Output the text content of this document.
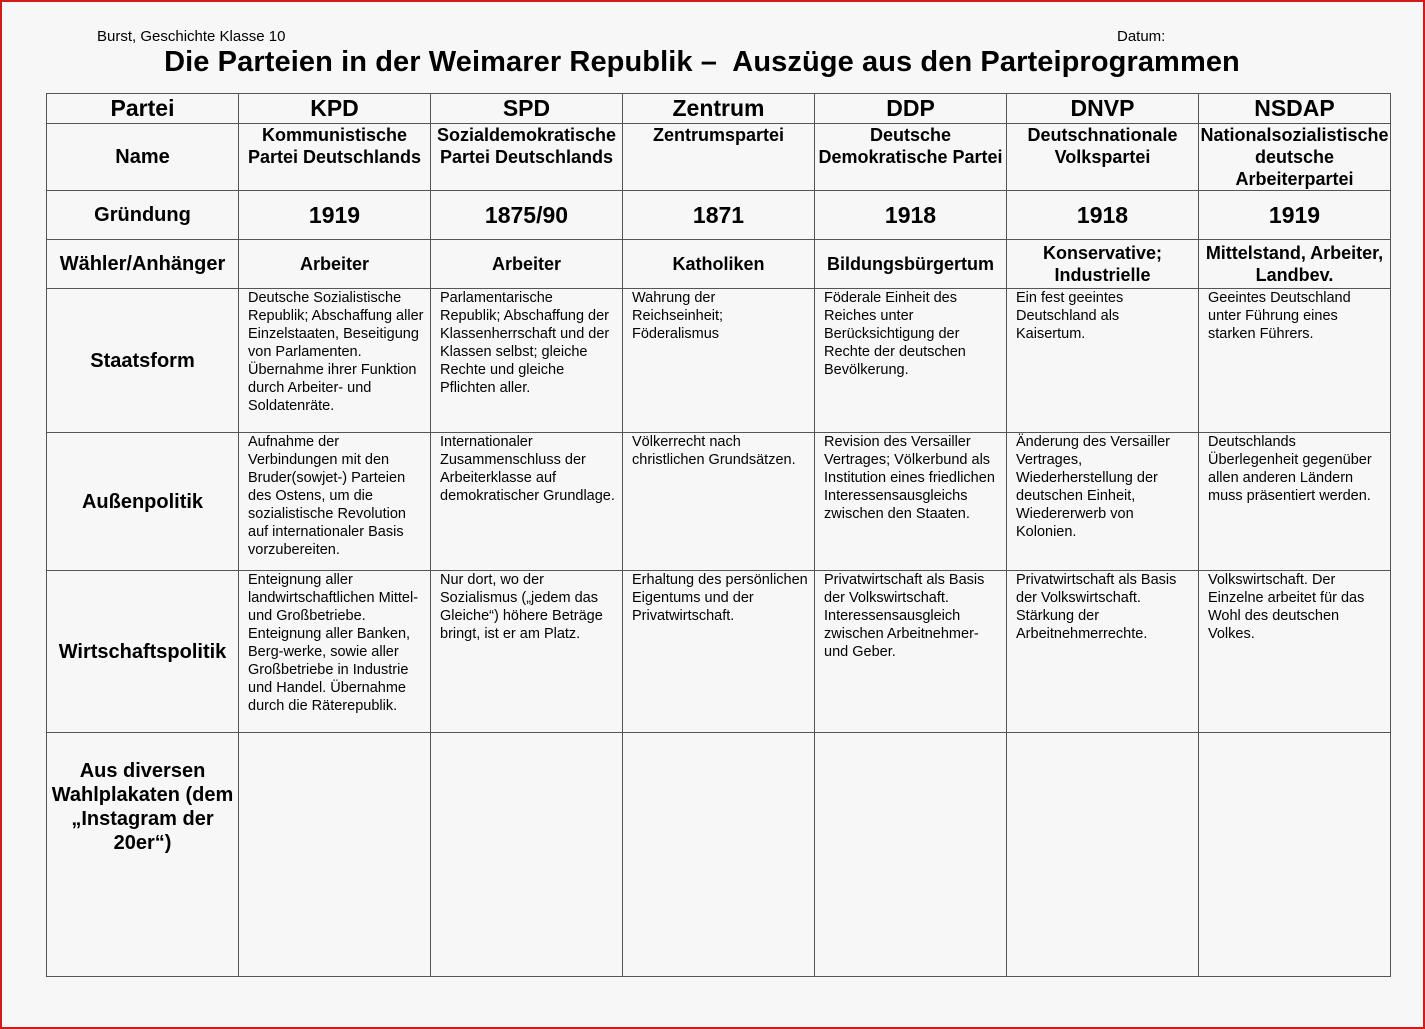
Burst, Geschichte Klasse 10	Datum:
Die Parteien in der Weimarer Republik –  Auszüge aus den Parteiprogrammen
Partei	KPD	SPD	Zentrum	DDP	DNVP	NSDAP
Name	Kommunistische Partei Deutschlands	Sozialdemokratische Partei Deutschlands	Zentrumspartei	Deutsche Demokratische Partei	Deutschnationale Volkspartei	Nationalsozialistische deutsche Arbeiterpartei
Gründung	1919	1875/90	1871	1918	1918	1919
Wähler/Anhänger	Arbeiter	Arbeiter	Katholiken	Bildungsbürgertum	Konservative; Industrielle	Mittelstand, Arbeiter, Landbev.
Staatsform	Deutsche Sozialistische Republik; Abschaffung aller Einzelstaaten, Beseitigung von Parlamenten. Übernahme ihrer Funktion durch Arbeiter- und Soldatenräte.	Parlamentarische Republik; Abschaffung der Klassenherrschaft und der Klassen selbst; gleiche Rechte und gleiche Pflichten aller.	Wahrung der Reichseinheit; Föderalismus	Föderale Einheit des Reiches unter Berücksichtigung der Rechte der deutschen Bevölkerung.	Ein fest geeintes Deutschland als Kaisertum.	Geeintes Deutschland unter Führung eines starken Führers.
Außenpolitik	Aufnahme der Verbindungen mit den Bruder(sowjet-) Parteien des Ostens, um die sozialistische Revolution auf internationaler Basis vorzubereiten.	Internationaler Zusammenschluss der Arbeiterklasse auf demokratischer Grundlage.	Völkerrecht nach christlichen Grundsätzen.	Revision des Versailler Vertrages; Völkerbund als Institution eines friedlichen Interessensausgleichs zwischen den Staaten.	Änderung des Versailler Vertrages, Wiederherstellung der deutschen Einheit, Wiedererwerb von Kolonien.	Deutschlands Überlegenheit gegenüber allen anderen Ländern muss präsentiert werden.
Wirtschaftspolitik	Enteignung aller landwirtschaftlichen Mittel- und Großbetriebe. Enteignung aller Banken, Berg-werke, sowie aller Großbetriebe in Industrie und Handel. Übernahme durch die Räterepublik.	Nur dort, wo der Sozialismus („jedem das Gleiche“) höhere Beträge bringt, ist er am Platz.	Erhaltung des persönlichen Eigentums und der Privatwirtschaft.	Privatwirtschaft als Basis der Volkswirtschaft. Interessensausgleich zwischen Arbeitnehmer- und Geber.	Privatwirtschaft als Basis der Volkswirtschaft. Stärkung der Arbeitnehmerrechte.	Volkswirtschaft. Der Einzelne arbeitet für das Wohl des deutschen Volkes.
Aus diversen Wahlplakaten (dem „Instagram der 20er“)						
